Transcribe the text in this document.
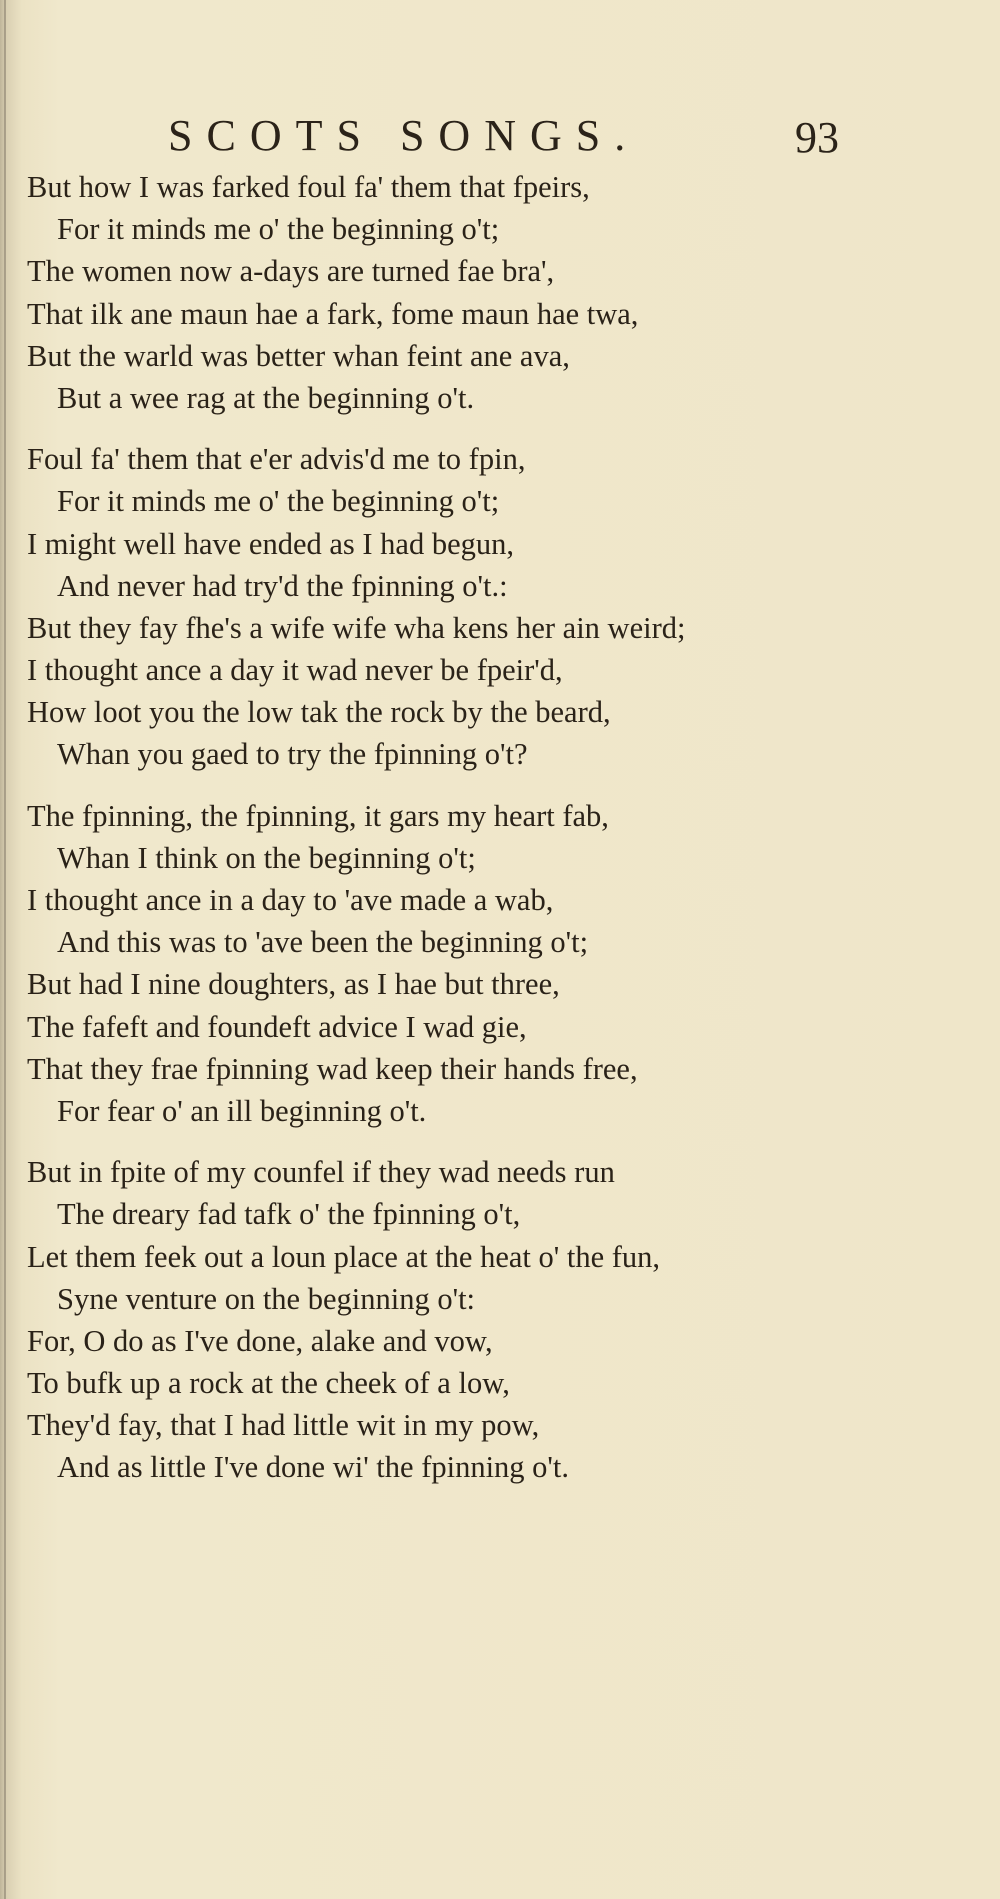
SCOTS SONGS.	93
But how I was farked foul fa' them that fpeirs,
For it minds me o' the beginning o't;
The women now a-days are turned fae bra',
That ilk ane maun hae a fark, fome maun hae twa,
But the warld was better whan feint ane ava,
But a wee rag at the beginning o't.
Foul fa' them that e'er advis'd me to fpin,
For it minds me o' the beginning o't;
I might well have ended as I had begun,
And never had try'd the fpinning o't.:
But they fay fhe's a wife wife wha kens her ain weird;
I thought ance a day it wad never be fpeir'd,
How loot you the low tak the rock by the beard,
Whan you gaed to try the fpinning o't?
The fpinning, the fpinning, it gars my heart fab,
Whan I think on the beginning o't;
I thought ance in a day to 'ave made a wab,
And this was to 'ave been the beginning o't;
But had I nine doughters, as I hae but three,
The fafeft and foundeft advice I wad gie,
That they frae fpinning wad keep their hands free,
For fear o' an ill beginning o't.
But in fpite of my counfel if they wad needs run
The dreary fad tafk o' the fpinning o't,
Let them feek out a loun place at the heat o' the fun,
Syne venture on the beginning o't:
For, O do as I've done, alake and vow,
To bufk up a rock at the cheek of a low,
They'd fay, that I had little wit in my pow,
And as little I've done wi' the fpinning o't.
